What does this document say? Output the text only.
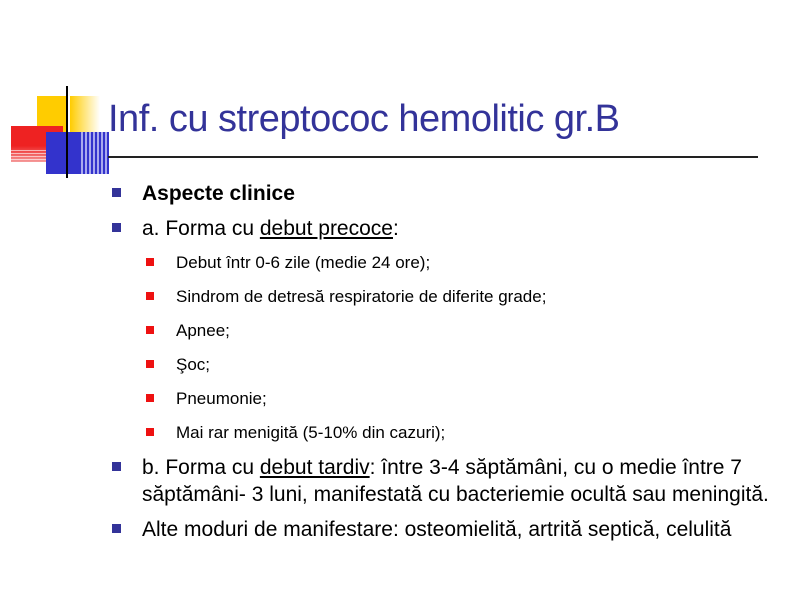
Inf. cu streptococ hemolitic gr.B
Aspecte clinice
a. Forma cu debut precoce:
Debut într 0-6 zile (medie 24 ore);
Sindrom de detresă respiratorie de diferite grade;
Apnee;
Şoc;
Pneumonie;
Mai rar menigită (5-10% din cazuri);
b. Forma cu debut tardiv: între 3-4 săptămâni, cu o medie între 7 săptămâni- 3 luni, manifestată cu bacteriemie ocultă sau meningită.
Alte moduri de manifestare: osteomielită, artrită septică, celulită
